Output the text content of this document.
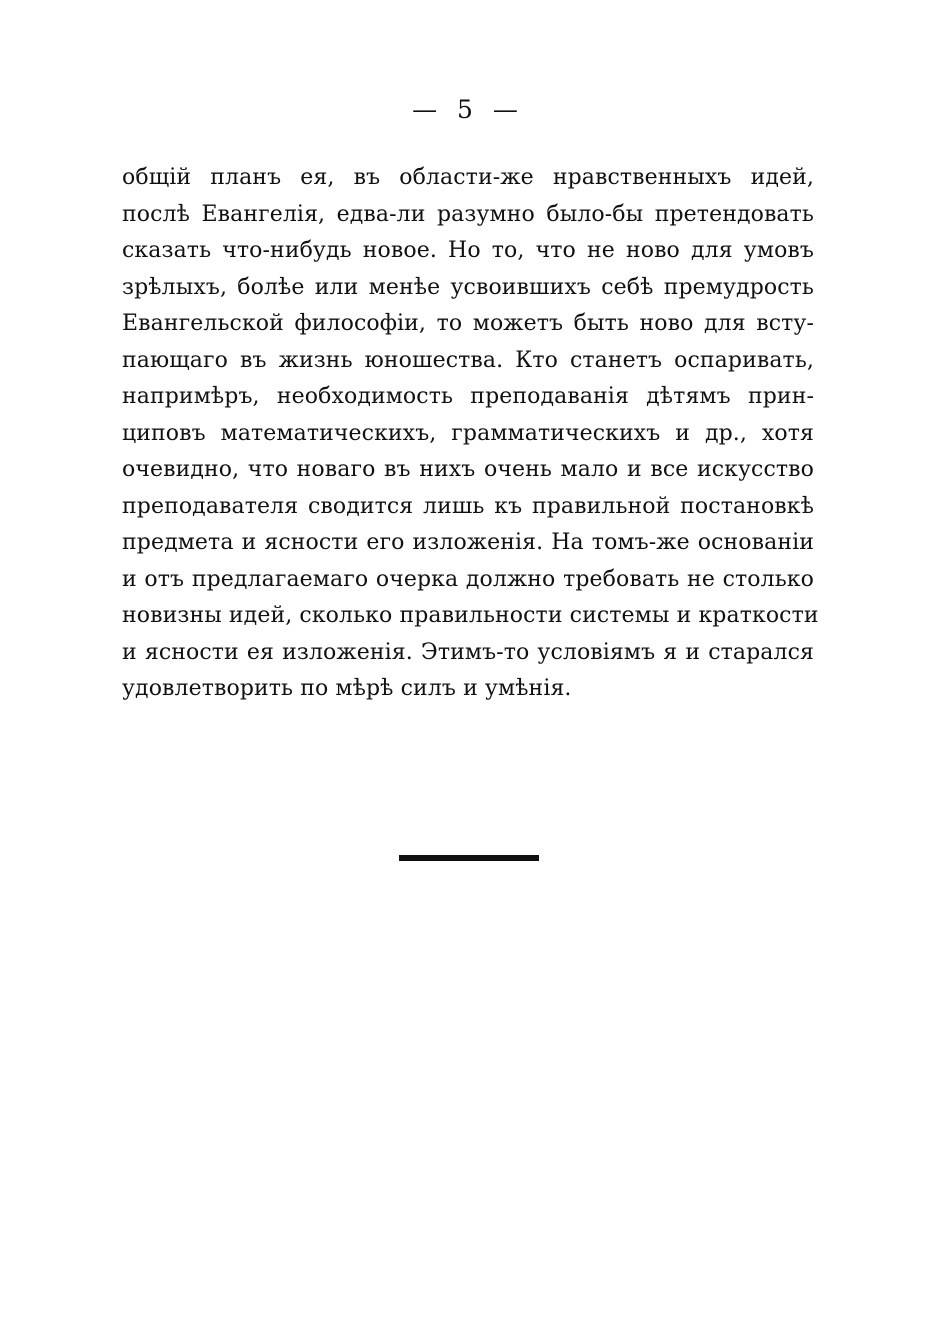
— 5 —
общій планъ ея, въ области-же нравственныхъ идей,
послѣ Евангелія, едва-ли разумно было-бы претендовать
сказать что-нибудь новое. Но то, что не ново для умовъ
зрѣлыхъ, болѣе или менѣе усвоившихъ себѣ премудрость
Евангельской философіи, то можетъ быть ново для всту-
пающаго въ жизнь юношества. Кто станетъ оспаривать,
напримѣръ, необходимость преподаванія дѣтямъ прин-
циповъ математическихъ, грамматическихъ и др., хотя
очевидно, что новаго въ нихъ очень мало и все искусство
преподавателя сводится лишь къ правильной постановкѣ
предмета и ясности его изложенія. На томъ-же основаніи
и отъ предлагаемаго очерка должно требовать не столько
новизны идей, сколько правильности системы и краткости
и ясности ея изложенія. Этимъ-то условіямъ я и старался
удовлетворить по мѣрѣ силъ и умѣнія.
